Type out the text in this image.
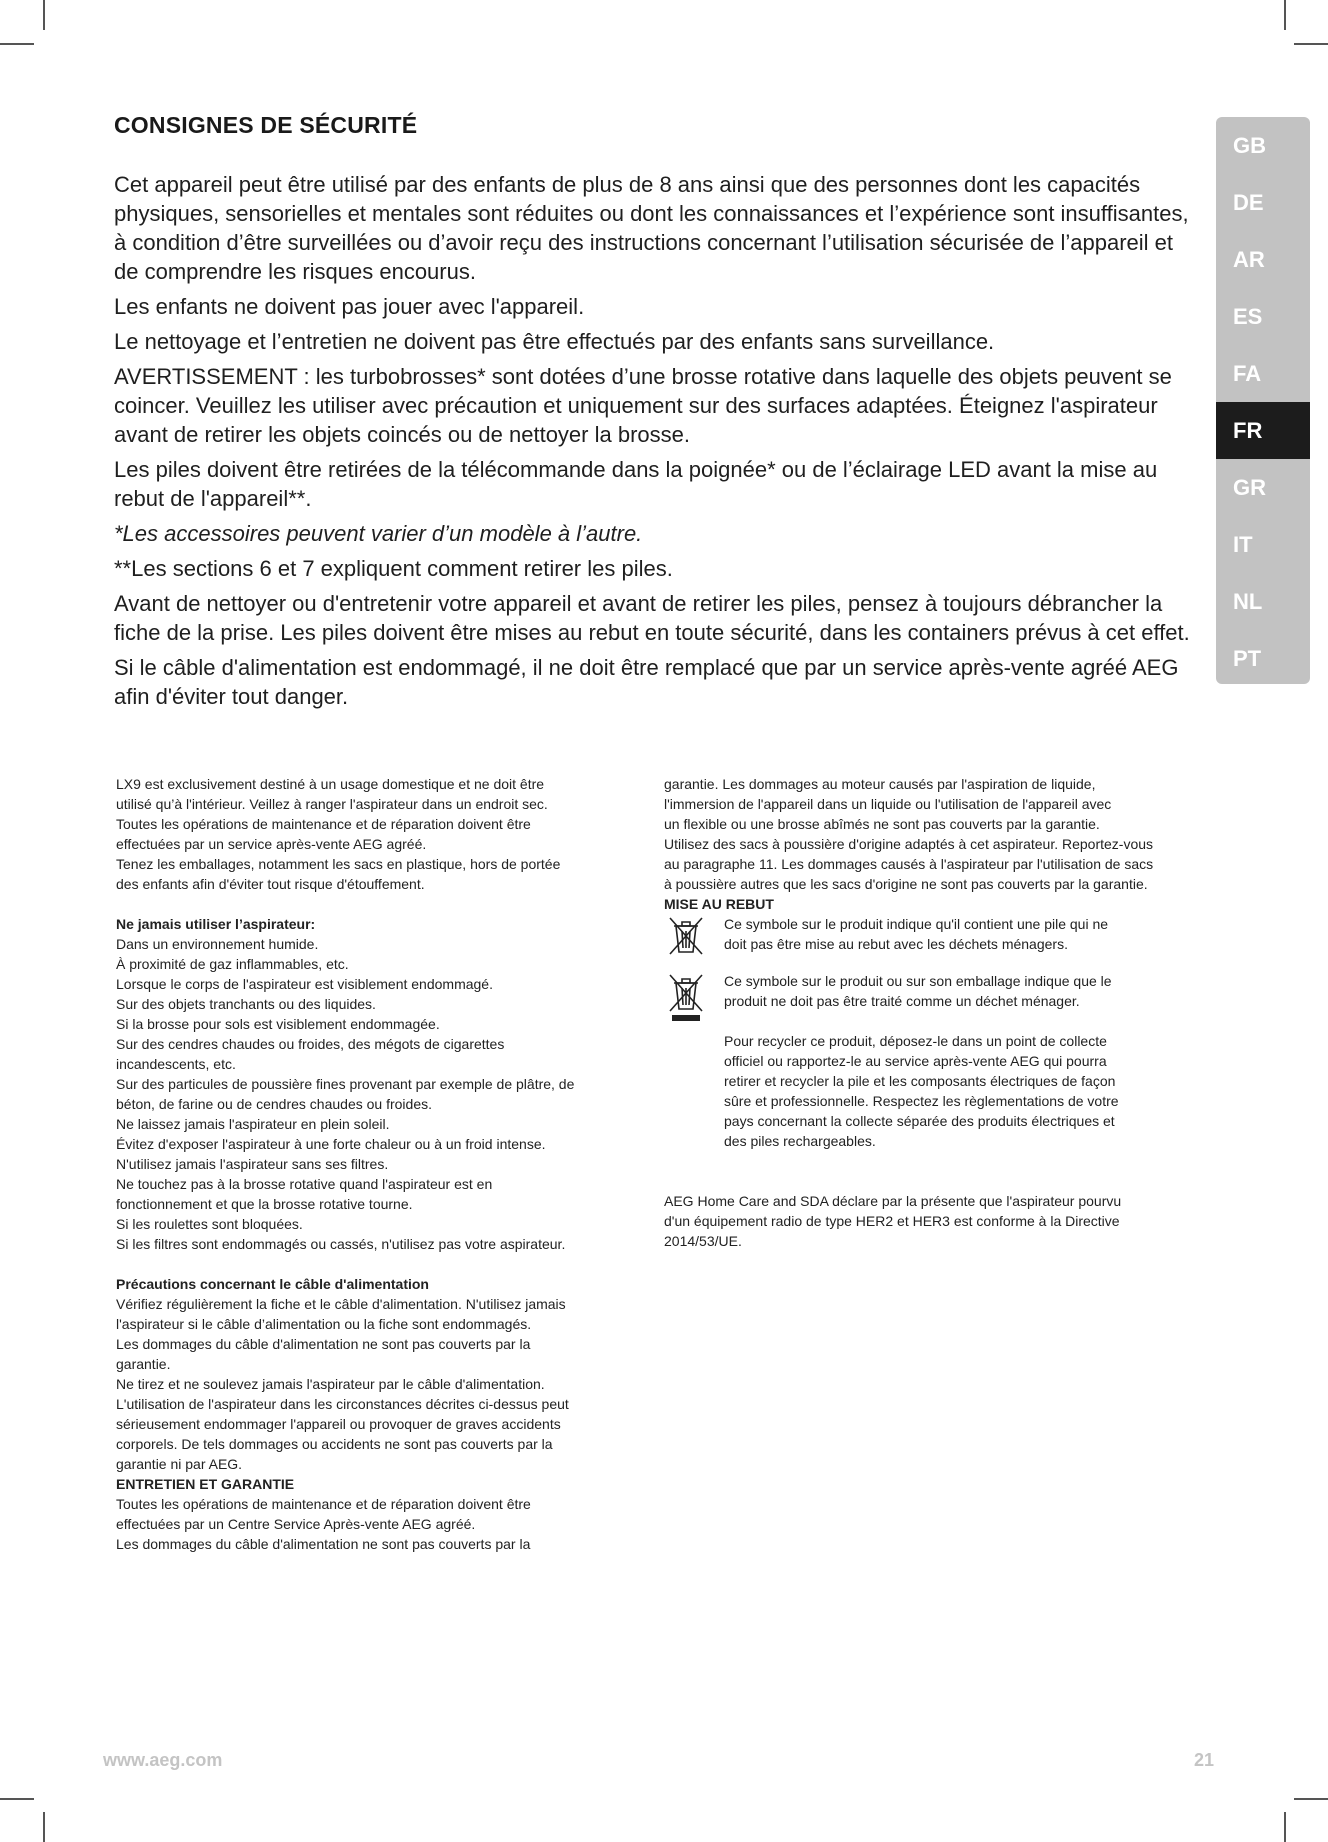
CONSIGNES DE SÉCURITÉ

Cet appareil peut être utilisé par des enfants de plus de 8 ans ainsi que des personnes dont les capacités physiques, sensorielles et mentales sont réduites ou dont les connaissances et l’expérience sont insuffisantes, à condition d’être surveillées ou d’avoir reçu des instructions concernant l’utilisation sécurisée de l’appareil et de comprendre les risques encourus.

Les enfants ne doivent pas jouer avec l'appareil.

Le nettoyage et l’entretien ne doivent pas être effectués par des enfants sans surveillance.

AVERTISSEMENT : les turbobrosses* sont dotées d’une brosse rotative dans laquelle des objets peuvent se coincer. Veuillez les utiliser avec précaution et uniquement sur des surfaces adaptées. Éteignez l'aspirateur avant de retirer les objets coincés ou de nettoyer la brosse.

Les piles doivent être retirées de la télécommande dans la poignée* ou de l’éclairage LED avant la mise au rebut de l'appareil**.

*Les accessoires peuvent varier d’un modèle à l’autre.

**Les sections 6 et 7 expliquent comment retirer les piles.

Avant de nettoyer ou d'entretenir votre appareil et avant de retirer les piles, pensez à toujours débrancher la fiche de la prise. Les piles doivent être mises au rebut en toute sécurité, dans les containers prévus à cet effet.

Si le câble d'alimentation est endommagé, il ne doit être remplacé que par un service après-vente agréé AEG afin d'éviter tout danger.

LX9 est exclusivement destiné à un usage domestique et ne doit être

utilisé qu’à l'intérieur. Veillez à ranger l'aspirateur dans un endroit sec.

Toutes les opérations de maintenance et de réparation doivent être

effectuées par un service après-vente AEG agréé.

Tenez les emballages, notamment les sacs en plastique, hors de portée

des enfants afin d'éviter tout risque d'étouffement.

Ne jamais utiliser l’aspirateur:

Dans un environnement humide.

À proximité de gaz inflammables, etc.

Lorsque le corps de l'aspirateur est visiblement endommagé.

Sur des objets tranchants ou des liquides.

Si la brosse pour sols est visiblement endommagée.

Sur des cendres chaudes ou froides, des mégots de cigarettes

incandescents, etc.

Sur des particules de poussière fines provenant par exemple de plâtre, de

béton, de farine ou de cendres chaudes ou froides.

Ne laissez jamais l'aspirateur en plein soleil.

Évitez d'exposer l'aspirateur à une forte chaleur ou à un froid intense.

N'utilisez jamais l'aspirateur sans ses filtres.

Ne touchez pas à la brosse rotative quand l'aspirateur est en

fonctionnement et que la brosse rotative tourne.

Si les roulettes sont bloquées.

Si les filtres sont endommagés ou cassés, n'utilisez pas votre aspirateur.

Précautions concernant le câble d'alimentation

Vérifiez régulièrement la fiche et le câble d'alimentation. N'utilisez jamais

l'aspirateur si le câble d’alimentation ou la fiche sont endommagés.

Les dommages du câble d'alimentation ne sont pas couverts par la

garantie.

Ne tirez et ne soulevez jamais l'aspirateur par le câble d'alimentation.

L'utilisation de l'aspirateur dans les circonstances décrites ci-dessus peut

sérieusement endommager l'appareil ou provoquer de graves accidents

corporels. De tels dommages ou accidents ne sont pas couverts par la

garantie ni par AEG.

ENTRETIEN ET GARANTIE

Toutes les opérations de maintenance et de réparation doivent être

effectuées par un Centre Service Après-vente AEG agréé.

Les dommages du câble d'alimentation ne sont pas couverts par la

garantie. Les dommages au moteur causés par l'aspiration de liquide,

l'immersion de l'appareil dans un liquide ou l'utilisation de l'appareil avec

un flexible ou une brosse abîmés ne sont pas couverts par la garantie.

Utilisez des sacs à poussière d'origine adaptés à cet aspirateur. Reportez-vous

au paragraphe 11. Les dommages causés à l'aspirateur par l'utilisation de sacs

à poussière autres que les sacs d'origine ne sont pas couverts par la garantie.

MISE AU REBUT

Ce symbole sur le produit indique qu'il contient une pile qui ne

doit pas être mise au rebut avec les déchets ménagers.

Ce symbole sur le produit ou sur son emballage indique que le

produit ne doit pas être traité comme un déchet ménager.

Pour recycler ce produit, déposez-le dans un point de collecte

officiel ou rapportez-le au service après-vente AEG qui pourra

retirer et recycler la pile et les composants électriques de façon

sûre et professionnelle. Respectez les règlementations de votre

pays concernant la collecte séparée des produits électriques et

des piles rechargeables.

AEG Home Care and SDA déclare par la présente que l'aspirateur pourvu

d'un équipement radio de type HER2 et HER3 est conforme à la Directive

2014/53/UE.

GB
DE
AR
ES
FA
FR
GR
IT
NL
PT
www.aeg.com	21
